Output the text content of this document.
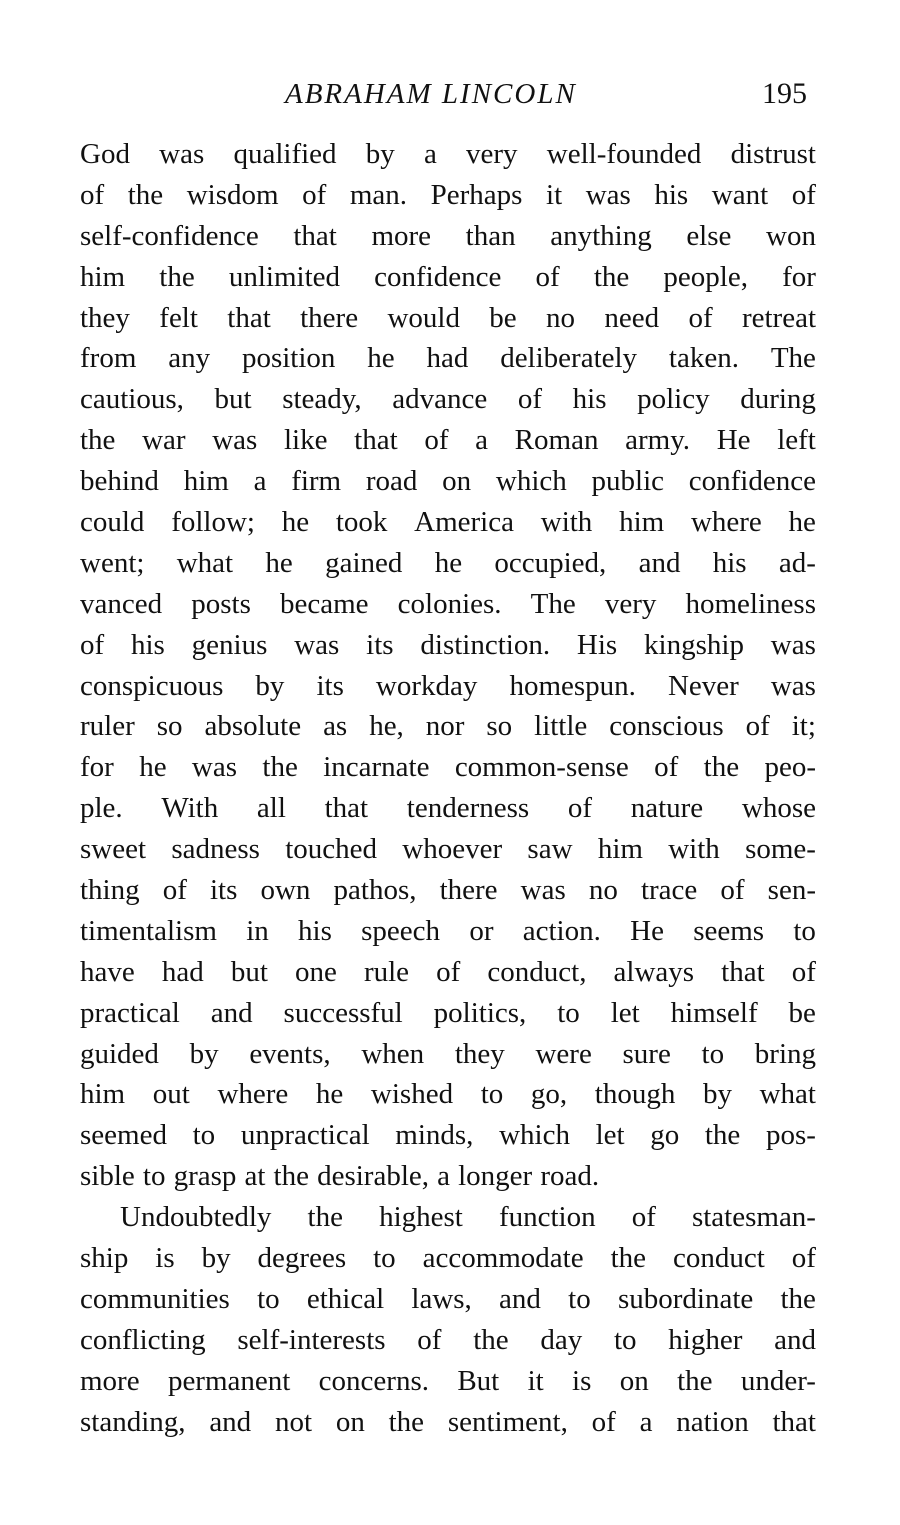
ABRAHAM LINCOLN	195
God was qualified by a very well-founded distrust
of the wisdom of man. Perhaps it was his want of
self-confidence that more than anything else won
him the unlimited confidence of the people, for
they felt that there would be no need of retreat
from any position he had deliberately taken. The
cautious, but steady, advance of his policy during
the war was like that of a Roman army. He left
behind him a firm road on which public confidence
could follow; he took America with him where he
went; what he gained he occupied, and his ad-
vanced posts became colonies. The very homeliness
of his genius was its distinction. His kingship was
conspicuous by its workday homespun. Never was
ruler so absolute as he, nor so little conscious of it;
for he was the incarnate common-sense of the peo-
ple. With all that tenderness of nature whose
sweet sadness touched whoever saw him with some-
thing of its own pathos, there was no trace of sen-
timentalism in his speech or action. He seems to
have had but one rule of conduct, always that of
practical and successful politics, to let himself be
guided by events, when they were sure to bring
him out where he wished to go, though by what
seemed to unpractical minds, which let go the pos-
sible to grasp at the desirable, a longer road.
Undoubtedly the highest function of statesman-
ship is by degrees to accommodate the conduct of
communities to ethical laws, and to subordinate the
conflicting self-interests of the day to higher and
more permanent concerns. But it is on the under-
standing, and not on the sentiment, of a nation that
